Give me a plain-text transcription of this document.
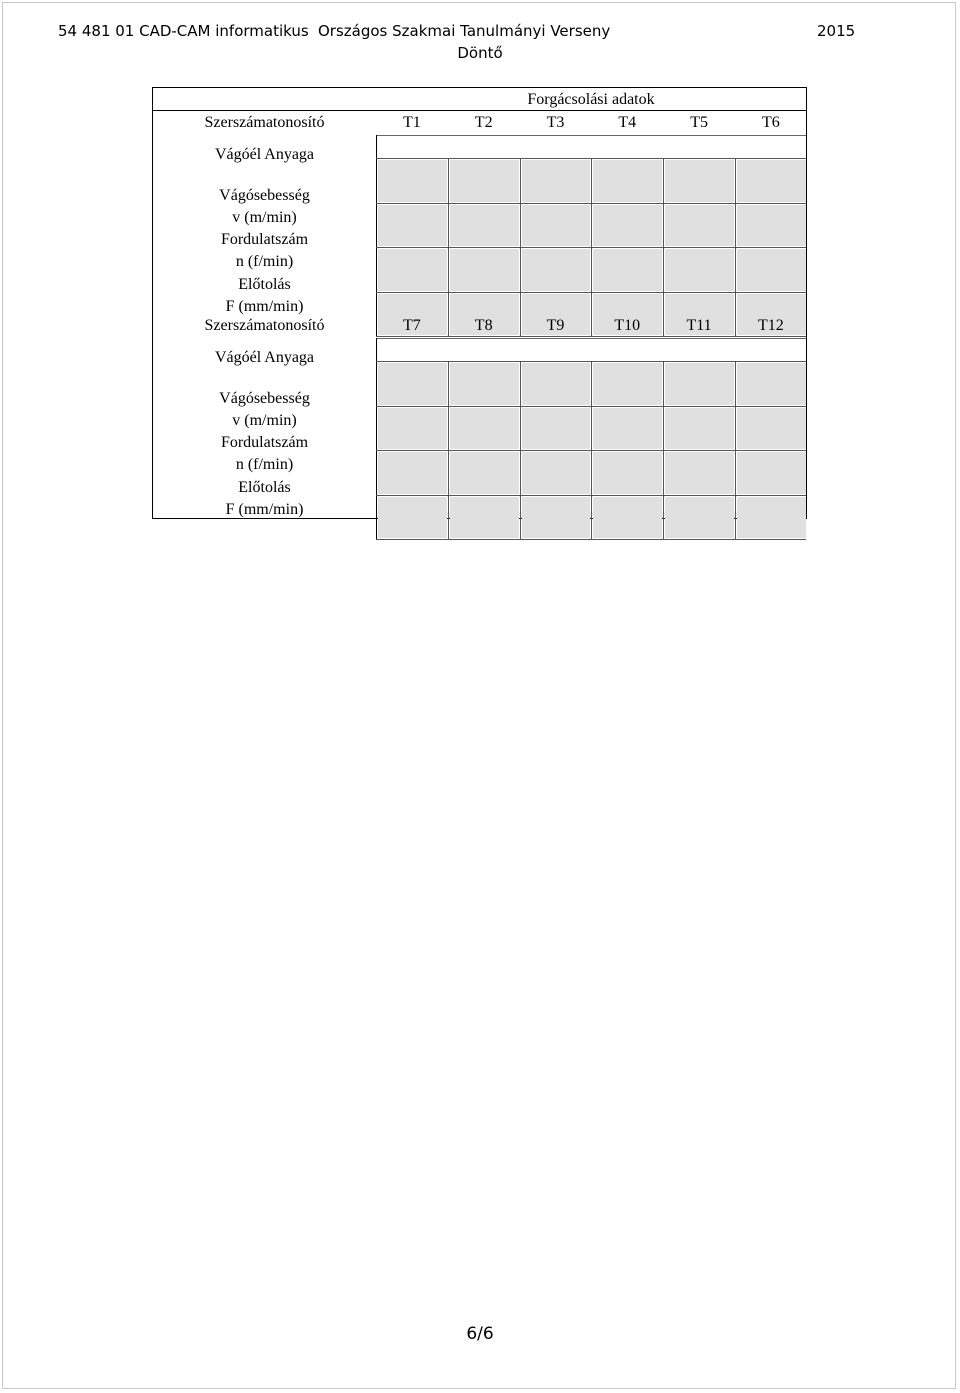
54 481 01 CAD-CAM informatikus Országos Szakmai Tanulmányi Verseny	2015
Döntő
Forgácsolási adatok
Szerszámatonosító	T1	T2	T3	T4	T5	T6
Vágóél Anyaga
Vágósebesség
v (m/min)
Fordulatszám
n (f/min)
Előtolás
F (mm/min)
Szerszámatonosító	T7	T8	T9	T10	T11	T12
Vágóél Anyaga
Vágósebesség
v (m/min)
Fordulatszám
n (f/min)
Előtolás
F (mm/min)
6/6
